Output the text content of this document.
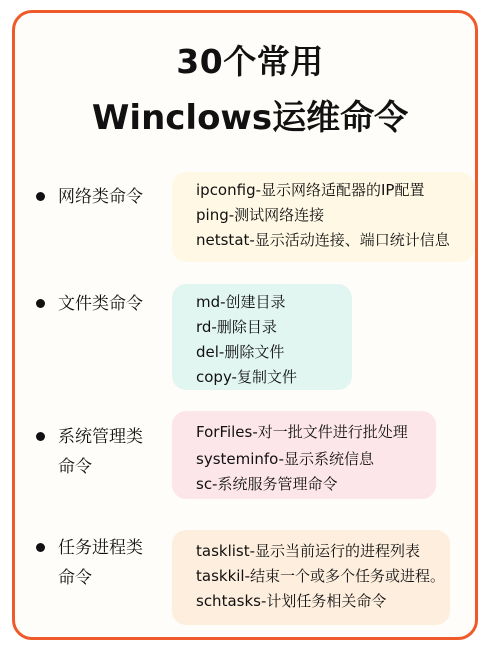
30个常用
Winclows运维命令
网络类命令	ipconfig-显示网络适配器的IP配置
ping-测试网络连接
netstat-显示活动连接、端口统计信息
文件类命令	md-创建目录
rd-删除目录
del-删除文件
copy-复制文件
系统管理类
命令
ForFiles-对一批文件进行批处理
systeminfo-显示系统信息
sc-系统服务管理命令
任务进程类
命令
tasklist-显示当前运行的进程列表
taskkil-结束一个或多个任务或进程。
schtasks-计划任务相关命令
